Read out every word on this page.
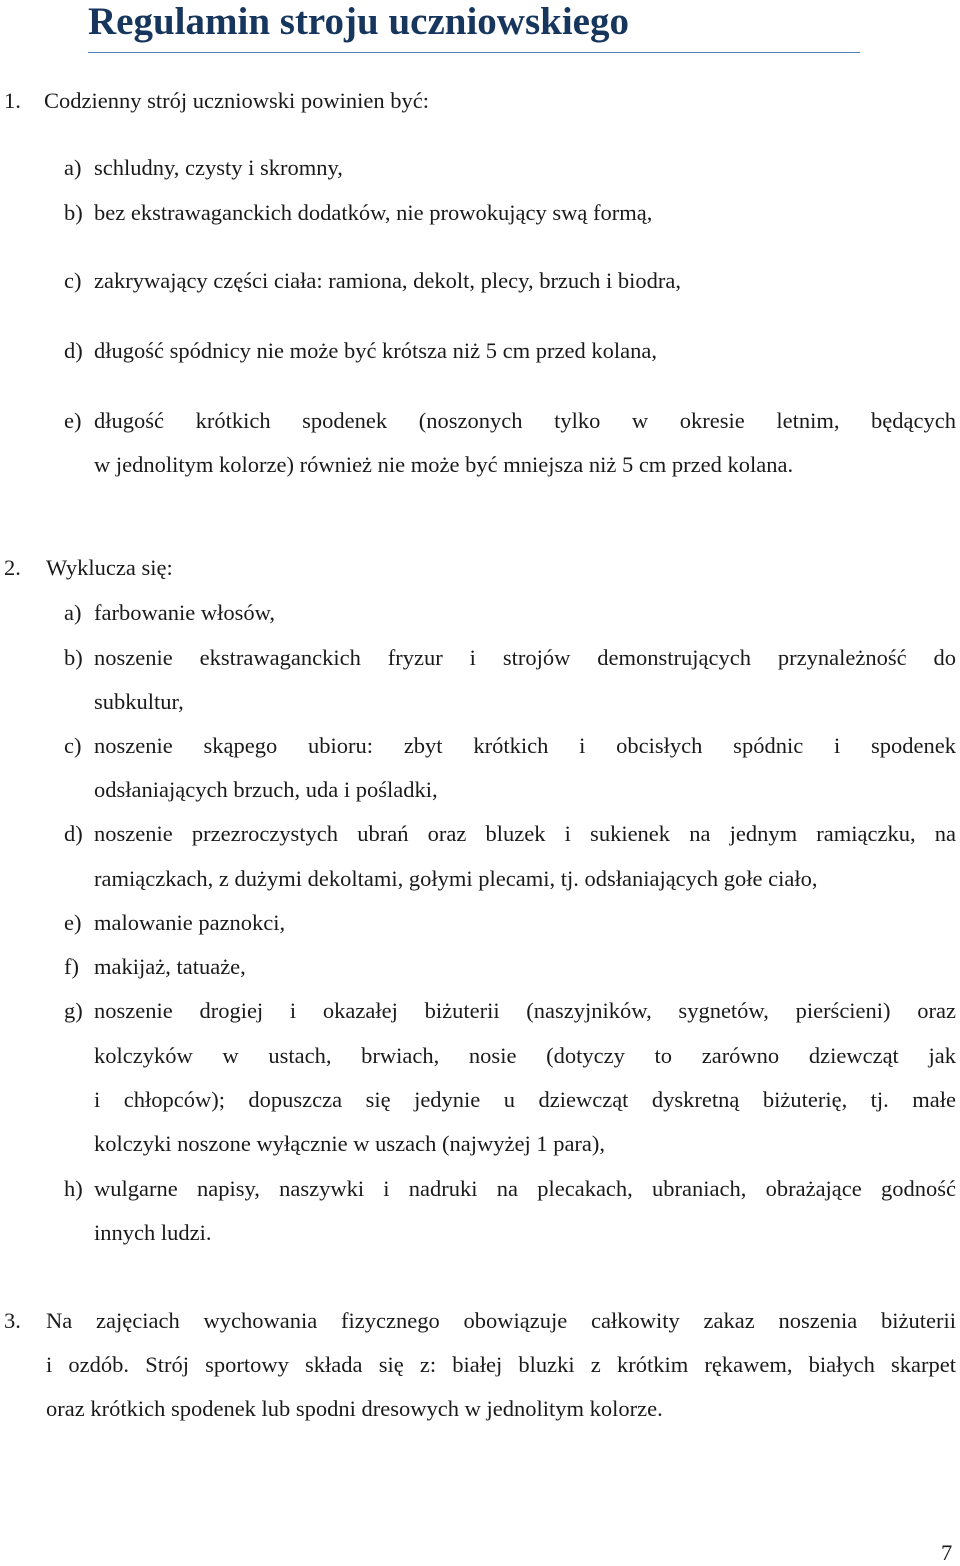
Regulamin stroju uczniowskiego
1. Codzienny strój uczniowski powinien być:
a) schludny, czysty i skromny,
b) bez ekstrawaganckich dodatków, nie prowokujący swą formą,
c) zakrywający części ciała: ramiona, dekolt, plecy, brzuch i biodra,
d) długość spódnicy nie może być krótsza niż 5 cm przed kolana,
e) długość krótkich spodenek (noszonych tylko w okresie letnim, będących
w jednolitym kolorze) również nie może być mniejsza niż 5 cm przed kolana.
2. Wyklucza się:
a) farbowanie włosów,
b) noszenie ekstrawaganckich fryzur i strojów demonstrujących przynależność do
subkultur,
c) noszenie skąpego ubioru: zbyt krótkich i obcisłych spódnic i spodenek
odsłaniających brzuch, uda i pośladki,
d) noszenie przezroczystych ubrań oraz bluzek i sukienek na jednym ramiączku, na
ramiączkach, z dużymi dekoltami, gołymi plecami, tj. odsłaniających gołe ciało,
e) malowanie paznokci,
f) makijaż, tatuaże,
g) noszenie drogiej i okazałej biżuterii (naszyjników, sygnetów, pierścieni) oraz
kolczyków w ustach, brwiach, nosie (dotyczy to zarówno dziewcząt jak
i chłopców); dopuszcza się jedynie u dziewcząt dyskretną biżuterię, tj. małe
kolczyki noszone wyłącznie w uszach (najwyżej 1 para),
h) wulgarne napisy, naszywki i nadruki na plecakach, ubraniach, obrażające godność
innych ludzi.
3. Na zajęciach wychowania fizycznego obowiązuje całkowity zakaz noszenia biżuterii
i ozdób. Strój sportowy składa się z: białej bluzki z krótkim rękawem, białych skarpet
oraz krótkich spodenek lub spodni dresowych w jednolitym kolorze.
7
